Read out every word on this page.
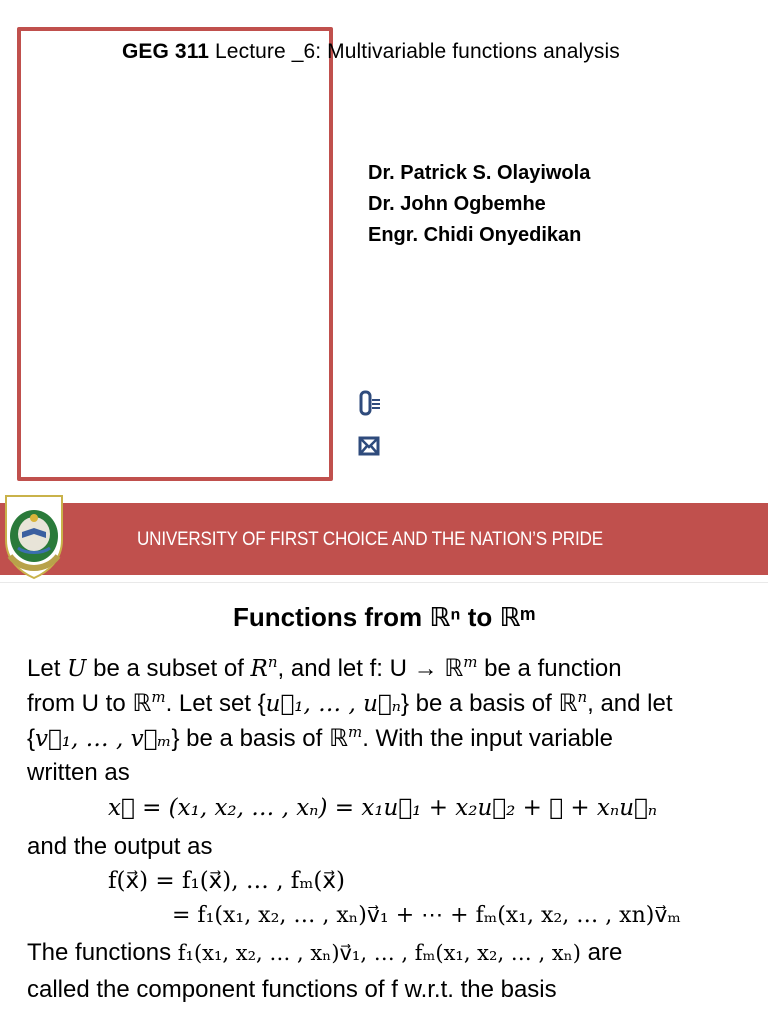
GEG 311 Lecture _6: Multivariable functions analysis
Dr. Patrick S. Olayiwola
Dr. John Ogbemhe
Engr. Chidi Onyedikan
UNIVERSITY OF FIRST CHOICE AND THE NATION’S PRIDE
Functions from ℝⁿ to ℝᵐ
Let U be a subset of $R^n$, and let f: U → ℝ$^m$ be a function
from U to ℝ$^m$. Let set {u⃗₁, … , u⃗ₙ} be a basis of ℝ$^n$, and let
{v⃗₁, … , v⃗ₘ} be a basis of ℝ$^m$. With the input variable
written as
x⃗ = (x₁, x₂, … , xₙ) = x₁u⃗₁ + x₂u⃗₂ + ⋯ + xₙu⃗ₙ
and the output as
f(x⃗) = f₁(x⃗), … , fₘ(x⃗)
= f₁(x₁, x₂, … , xₙ)v⃗₁ + ⋯ + fₘ(x₁, x₂, … , xn)v⃗ₘ
The functions f₁(x₁, x₂, … , xₙ)v⃗₁, … , fₘ(x₁, x₂, … , xₙ) are
called the component functions of f w.r.t. the basis
